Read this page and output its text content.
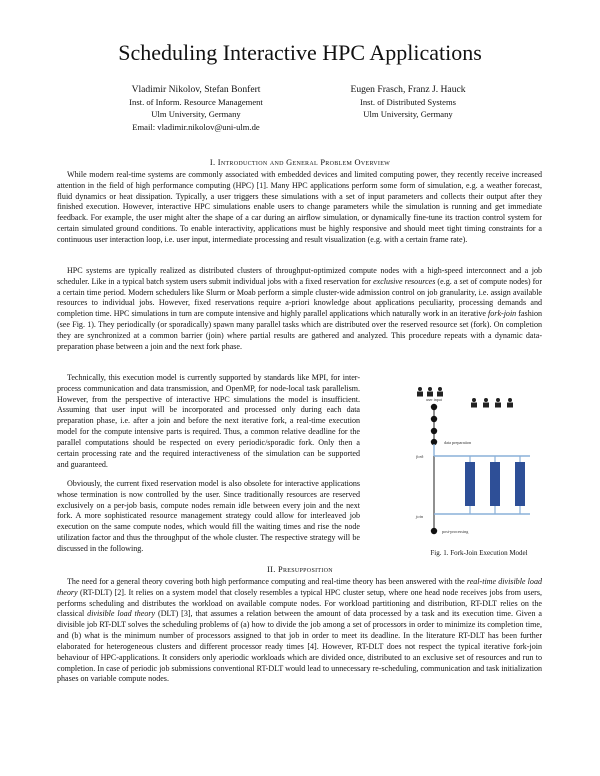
Scheduling Interactive HPC Applications
Vladimir Nikolov, Stefan Bonfert
Inst. of Inform. Resource Management
Ulm University, Germany
Email: vladimir.nikolov@uni-ulm.de
Eugen Frasch, Franz J. Hauck
Inst. of Distributed Systems
Ulm University, Germany
I. Introduction and General Problem Overview

While modern real-time systems are commonly associated with embedded devices and limited computing power, they recently receive increased attention in the field of high performance computing (HPC) [1]. Many HPC applications perform some form of simulation, e.g. a weather forecast, fluid dynamics or heat dissipation. Typically, a user triggers these simulations with a set of input parameters and collects their output after they finished execution. However, interactive HPC simulations enable users to change parameters while the simulation is running and get immediate feedback. For example, the user might alter the shape of a car during an airflow simulation, or dynamically fine-tune its traction control system for certain simulated ground conditions. To enable interactivity, applications must be highly responsive and should meet tight timing constraints for a continuous user interaction loop, i.e. user input, intermediate processing and result visualization (e.g. with a certain frame rate).

HPC systems are typically realized as distributed clusters of throughput-optimized compute nodes with a high-speed interconnect and a job scheduler. Like in a typical batch system users submit individual jobs with a fixed reservation for exclusive resources (e.g. a set of compute nodes) for a certain time period. Modern schedulers like Slurm or Moab perform a simple cluster-wide admission control on job granularity, i.e. assign available resources to individual jobs. However, fixed reservations require a-priori knowledge about applications peculiarity, processing demands and completion time. HPC simulations in turn are compute intensive and highly parallel applications which naturally work in an iterative fork-join fashion (see Fig. 1). They periodically (or sporadically) spawn many parallel tasks which are distributed over the reserved resource set (fork). On completion they are synchronized at a common barrier (join) where partial results are gathered and analyzed. This procedure repeats with a dynamic data-preparation phase between a join and the next fork phase.

Technically, this execution model is currently supported by standards like MPI, for inter-process communication and data transmission, and OpenMP, for node-local task parallelism. However, from the perspective of interactive HPC simulations the model is insufficient. Assuming that user input will be incorporated and processed only during each data preparation phase, i.e. after a join and before the next iterative fork, a real-time execution model for the compute intensive parts is required. Thus, a common relative deadline for the parallel computations should be respected on every periodic/sporadic fork. Only then a certain processing rate and the required interactiveness of the simulation can be supported and guaranteed.

Obviously, the current fixed reservation model is also obsolete for interactive applications whose termination is now controlled by the user. Since traditionally resources are reserved exclusively on a per-job basis, compute nodes remain idle between every join and the next fork. A more sophisticated resource management strategy could allow for interleaved job execution on the same compute nodes, which would fill the waiting times and rise the node utilization factor and thus the throughput of the whole cluster. The respective strategy will be discussed in the following.

user input
data preparation
fork
join
post-processing
Fig. 1. Fork-Join Execution Model
II. Presupposition

The need for a general theory covering both high performance computing and real-time theory has been answered with the real-time divisible load theory (RT-DLT) [2]. It relies on a system model that closely resembles a typical HPC cluster setup, where one head node receives jobs from users, performs scheduling and distributes the workload on available compute nodes. For workload partitioning and distribution, RT-DLT relies on the classical divisible load theory (DLT) [3], that assumes a relation between the amount of data processed by a task and its execution time. Given a divisible job RT-DLT solves the scheduling problems of (a) how to divide the job among a set of processors in order to minimize its completion time, and (b) what is the minimum number of processors assigned to that job in order to meet its deadline. In the literature RT-DLT has been further elaborated for heterogeneous clusters and different processor ready times [4]. However, RT-DLT does not respect the typical iterative fork-join behaviour of HPC-applications. It considers only aperiodic workloads which are divided once, distributed to an exclusive set of resources and run to completion. In case of periodic job submissions conventional RT-DLT would lead to unnecessary re-scheduling, communication and task initialization phases on variable compute nodes.
